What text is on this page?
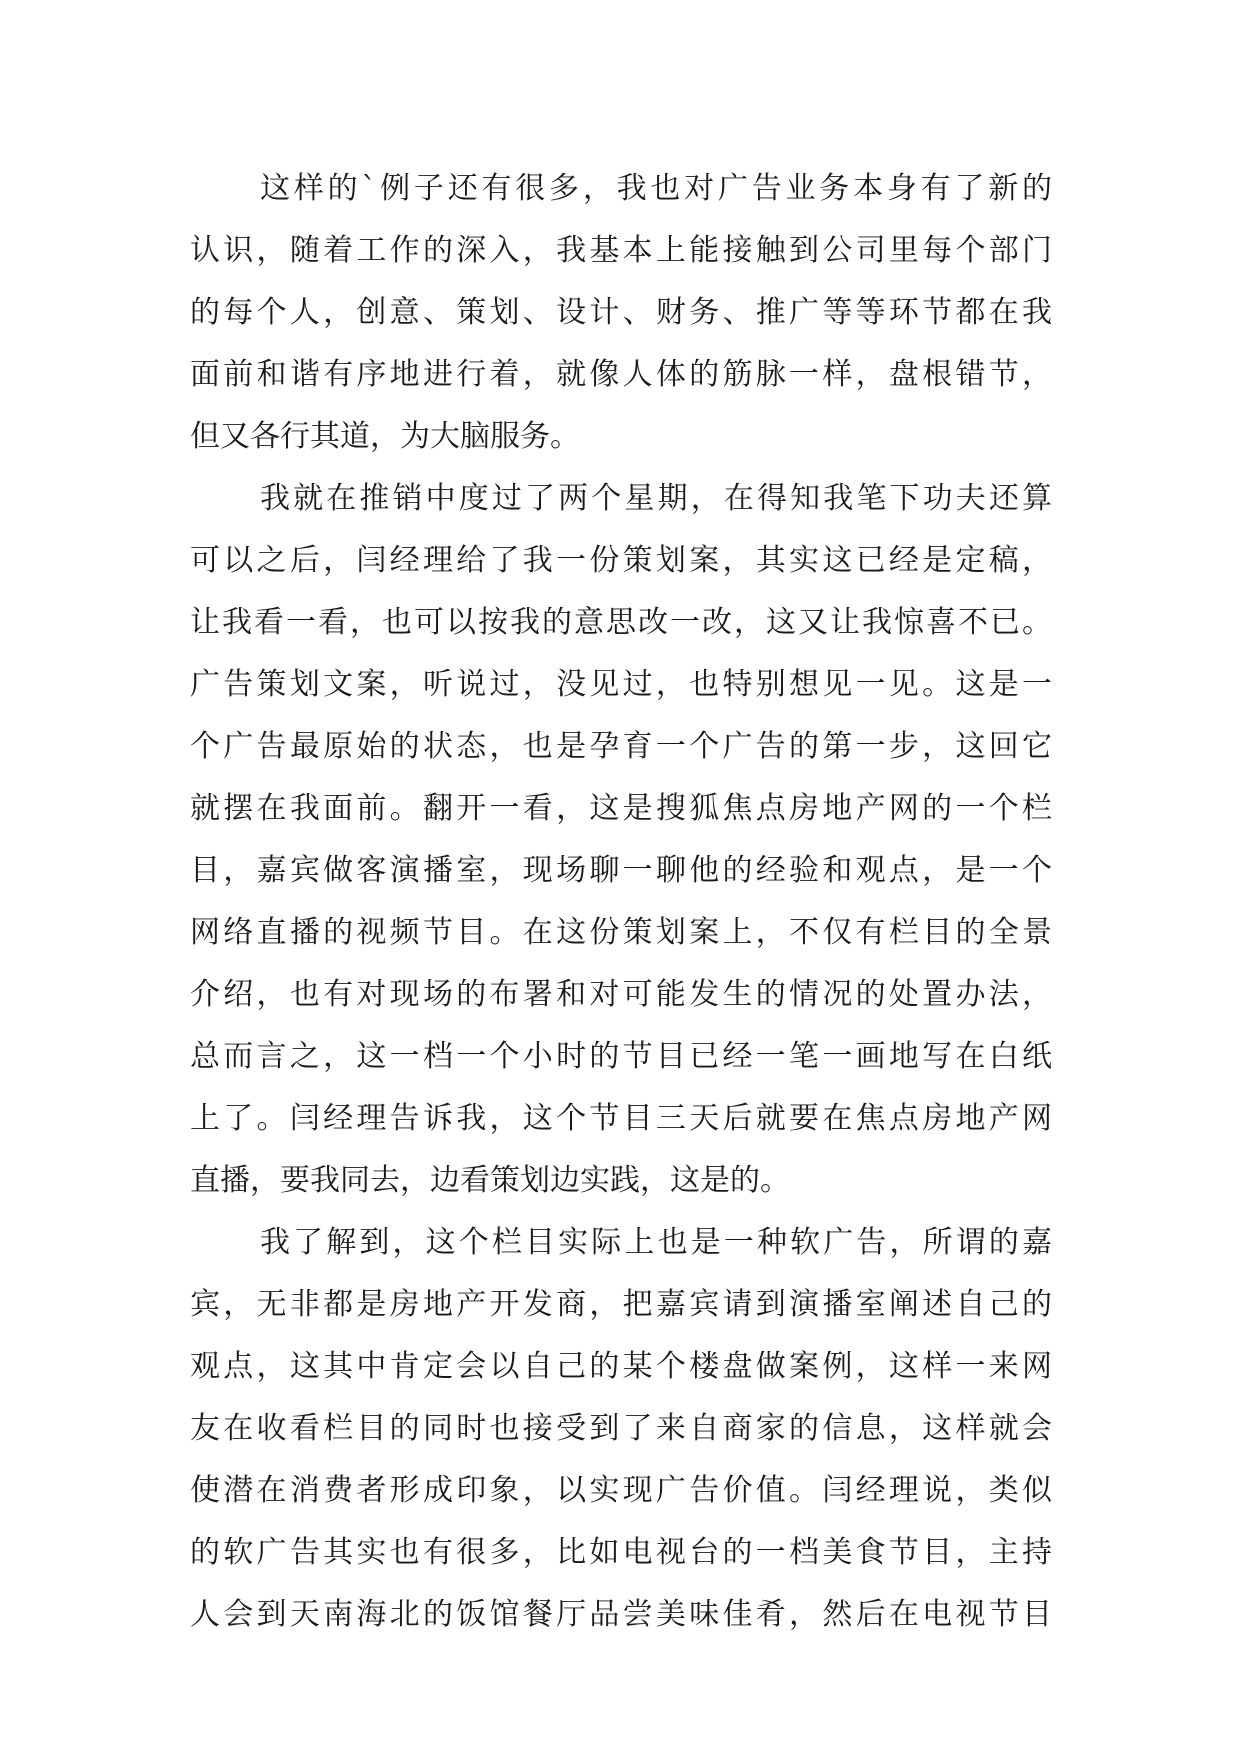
这样的`例子还有很多，我也对广告业务本身有了新的
认识，随着工作的深入，我基本上能接触到公司里每个部门
的每个人，创意、策划、设计、财务、推广等等环节都在我
面前和谐有序地进行着，就像人体的筋脉一样，盘根错节，
但又各行其道，为大脑服务。
我就在推销中度过了两个星期，在得知我笔下功夫还算
可以之后，闫经理给了我一份策划案，其实这已经是定稿，
让我看一看，也可以按我的意思改一改，这又让我惊喜不已。
广告策划文案，听说过，没见过，也特别想见一见。这是一
个广告最原始的状态，也是孕育一个广告的第一步，这回它
就摆在我面前。翻开一看，这是搜狐焦点房地产网的一个栏
目，嘉宾做客演播室，现场聊一聊他的经验和观点，是一个
网络直播的视频节目。在这份策划案上，不仅有栏目的全景
介绍，也有对现场的布署和对可能发生的情况的处置办法，
总而言之，这一档一个小时的节目已经一笔一画地写在白纸
上了。闫经理告诉我，这个节目三天后就要在焦点房地产网
直播，要我同去，边看策划边实践，这是的。
我了解到，这个栏目实际上也是一种软广告，所谓的嘉
宾，无非都是房地产开发商，把嘉宾请到演播室阐述自己的
观点，这其中肯定会以自己的某个楼盘做案例，这样一来网
友在收看栏目的同时也接受到了来自商家的信息，这样就会
使潜在消费者形成印象，以实现广告价值。闫经理说，类似
的软广告其实也有很多，比如电视台的一档美食节目，主持
人会到天南海北的饭馆餐厅品尝美味佳肴，然后在电视节目
